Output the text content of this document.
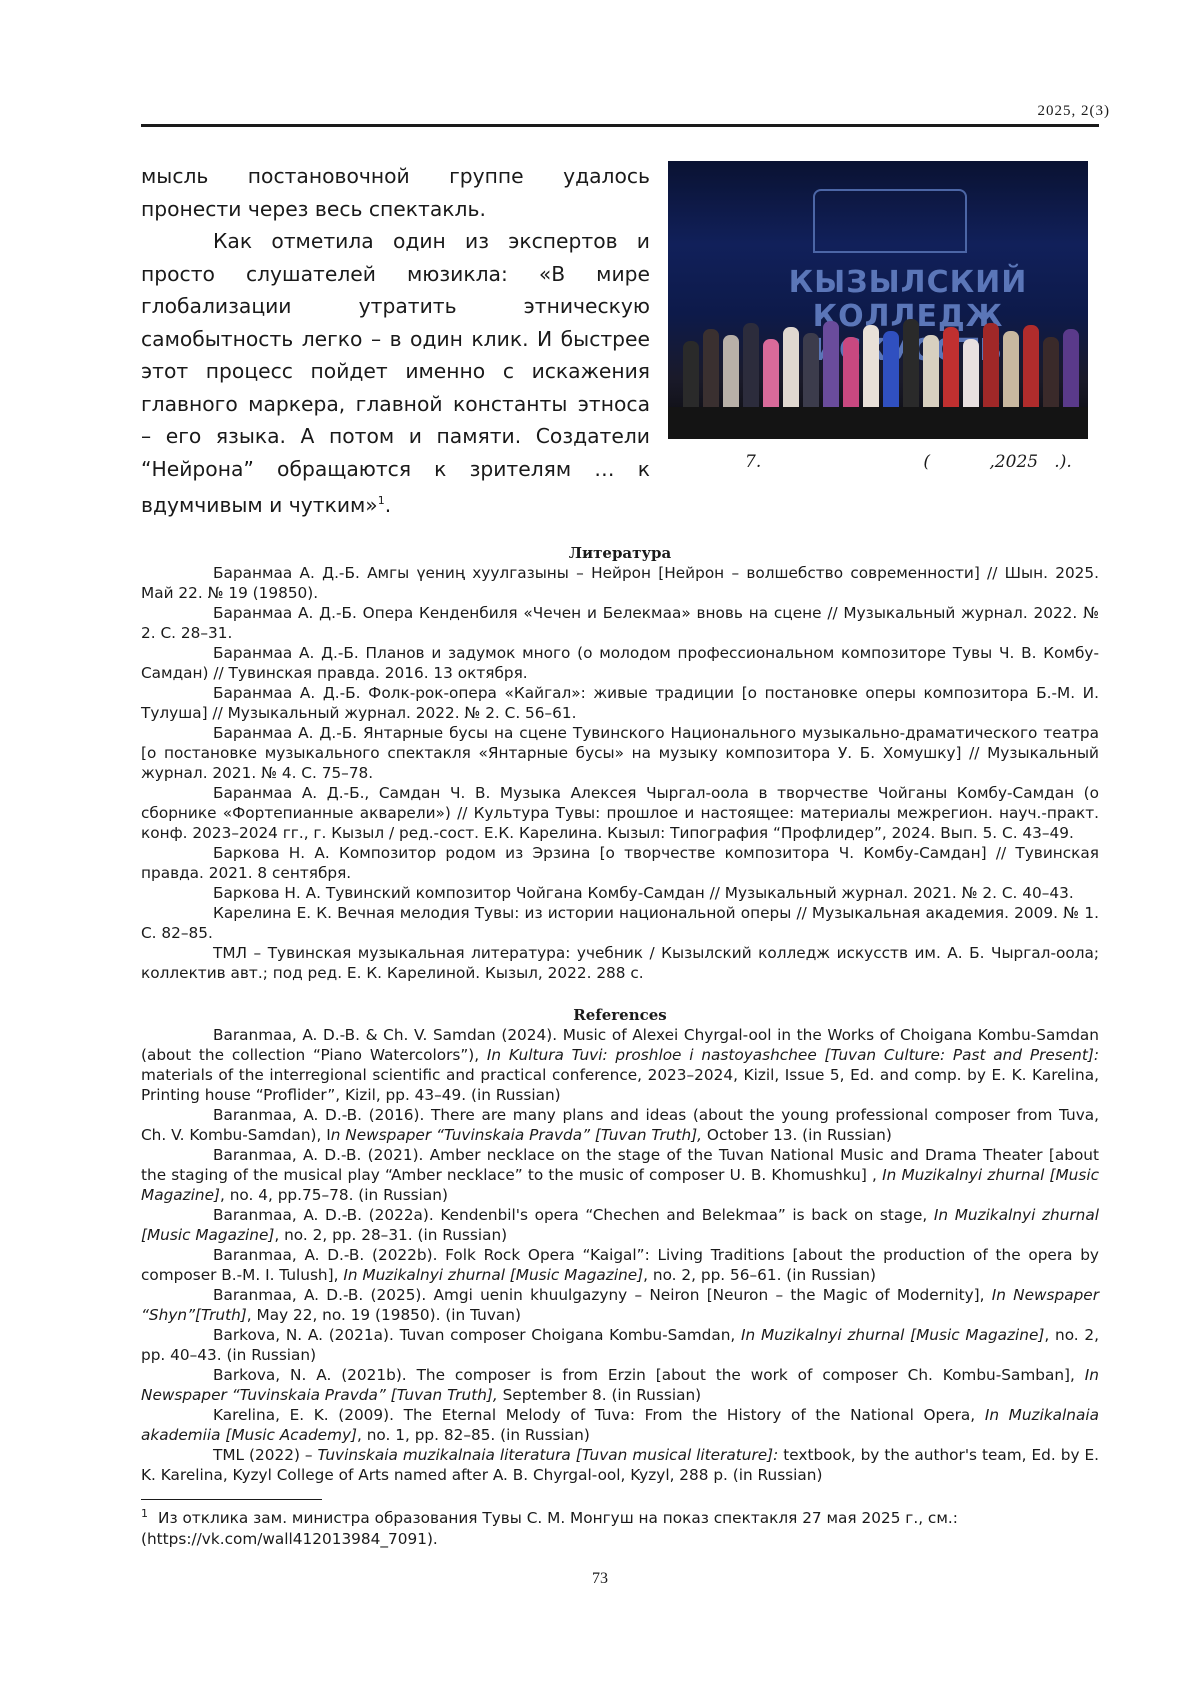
2025, 2(3)

мысль постановочной группе удалось пронести через весь спектакль.

Как отметила один из экспертов и просто слушателей мюзикла: «В мире глобализации утратить этническую самобытность легко – в один клик. И быстрее этот процесс пойдет именно с искажения главного маркера, главной константы этноса – его языка. А потом и памяти. Создатели “Нейрона” обращаются к зрителям … к вдумчивым и чутким»1.

КЫЗЫЛСКИЙ
КОЛЛЕДЖ
7.                              (           ,2025   .).
Литература

Баранмаа А. Д.-Б. Амгы үениң хуулгазыны – Нейрон [Нейрон – волшебство современности] // Шын. 2025. Май 22. № 19 (19850).

Баранмаа А. Д.-Б. Опера Кенденбиля «Чечен и Белекмаа» вновь на сцене // Музыкальный журнал. 2022. № 2. С. 28–31.

Баранмаа А. Д.-Б. Планов и задумок много (о молодом профессиональном композиторе Тувы Ч. В. Комбу-Самдан) // Тувинская правда. 2016. 13 октября.

Баранмаа А. Д.-Б. Фолк-рок-опера «Кайгал»: живые традиции [о постановке оперы композитора Б.-М. И. Тулуша] // Музыкальный журнал. 2022. № 2. С. 56–61.

Баранмаа А. Д.-Б. Янтарные бусы на сцене Тувинского Национального музыкально-драматического театра [о постановке музыкального спектакля «Янтарные бусы» на музыку композитора У. Б. Хомушку] // Музыкальный журнал. 2021. № 4. С. 75–78.

Баранмаа А. Д.-Б., Самдан Ч. В. Музыка Алексея Чыргал-оола в творчестве Чойганы Комбу-Самдан (о сборнике «Фортепианные акварели») // Культура Тувы: прошлое и настоящее: материалы межрегион. науч.-практ. конф. 2023–2024 гг., г. Кызыл / ред.-сост. Е.К. Карелина. Кызыл: Типография “Профлидер”, 2024. Вып. 5. С. 43–49.

Баркова Н. А. Композитор родом из Эрзина [о творчестве композитора Ч. Комбу-Самдан] // Тувинская правда. 2021. 8 сентября.

Баркова Н. А. Тувинский композитор Чойгана Комбу-Самдан // Музыкальный журнал. 2021. № 2. С. 40–43.

Карелина Е. К. Вечная мелодия Тувы: из истории национальной оперы // Музыкальная академия. 2009. № 1. С. 82–85.

ТМЛ – Тувинская музыкальная литература: учебник / Кызылский колледж искусств им. А. Б. Чыргал-оола; коллектив авт.; под ред. Е. К. Карелиной. Кызыл, 2022. 288 с.

References

Baranmaa, A. D.-B. & Ch. V. Samdan (2024). Music of Alexei Chyrgal-ool in the Works of Choigana Kombu-Samdan (about the collection “Piano Watercolors”), In Kultura Tuvi: proshloe i nastoyashchee [Tuvan Culture: Past and Present]: materials of the interregional scientific and practical conference, 2023–2024, Kizil, Issue 5, Ed. and comp. by E. K. Karelina, Printing house “Proflider”, Kizil, pp. 43–49. (in Russian)

Baranmaa, A. D.-B. (2016). There are many plans and ideas (about the young professional composer from Tuva, Ch. V. Kombu-Samdan), In Newspaper “Tuvinskaia Pravda” [Tuvan Truth], October 13. (in Russian)

Baranmaa, A. D.-B. (2021). Amber necklace on the stage of the Tuvan National Music and Drama Theater [about the staging of the musical play “Amber necklace” to the music of composer U. B. Khomushku] , In Muzikalnyi zhurnal [Music Magazine], no. 4, pp.75–78. (in Russian)

Baranmaa, A. D.-B. (2022a). Kendenbil's opera “Chechen and Belekmaa” is back on stage, In Muzikalnyi zhurnal [Music Magazine], no. 2, pp. 28–31. (in Russian)

Baranmaa, A. D.-B. (2022b). Folk Rock Opera “Kaigal”: Living Traditions [about the production of the opera by composer B.-M. I. Tulush], In Muzikalnyi zhurnal [Music Magazine], no. 2, pp. 56–61. (in Russian)

Baranmaa, A. D.-B. (2025). Amgi uenin khuulgazyny – Neiron [Neuron – the Magic of Modernity], In Newspaper “Shyn”[Truth], May 22, no. 19 (19850). (in Tuvan)

Barkova, N. A. (2021a). Tuvan composer Choigana Kombu-Samdan, In Muzikalnyi zhurnal [Music Magazine], no. 2, pp. 40–43. (in Russian)

Barkova, N. A. (2021b). The composer is from Erzin [about the work of composer Ch. Kombu-Samban], In Newspaper “Tuvinskaia Pravda” [Tuvan Truth], September 8. (in Russian)

Karelina, E. K. (2009). The Eternal Melody of Tuva: From the History of the National Opera, In Muzikalnaia akademiia [Music Academy], no. 1, pp. 82–85. (in Russian)

TML (2022) – Tuvinskaia muzikalnaia literatura [Tuvan musical literature]: textbook, by the author's team, Ed. by E. K. Karelina, Kyzyl College of Arts named after A. B. Chyrgal-ool, Kyzyl, 288 p. (in Russian)

1 Из отклика зам. министра образования Тувы С. М. Монгуш на показ спектакля 27 мая 2025 г., см.: (https://vk.com/wall412013984_7091).
73
